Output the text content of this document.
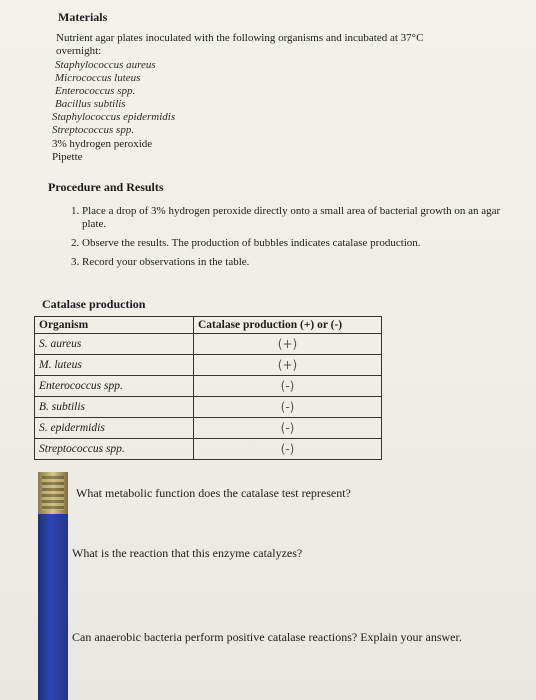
Materials
Nutrient agar plates inoculated with the following organisms and incubated at 37°C
overnight:
Staphylococcus aureus
Micrococcus luteus
Enterococcus spp.
Bacillus subtilis
Staphylococcus epidermidis
Streptococcus spp.
3% hydrogen peroxide
Pipette
Procedure and Results
1. Place a drop of 3% hydrogen peroxide directly onto a small area of bacterial growth on an agar plate.
2. Observe the results. The production of bubbles indicates catalase production.
3. Record your observations in the table.
Catalase production
Organism	Catalase production (+) or (-)
S. aureus	(+)
M. luteus	(+)
Enterococcus spp.	(-)
B. subtilis	(-)
S. epidermidis	(-)
Streptococcus spp.	(-)
What metabolic function does the catalase test represent?
What is the reaction that this enzyme catalyzes?
Can anaerobic bacteria perform positive catalase reactions? Explain your answer.
